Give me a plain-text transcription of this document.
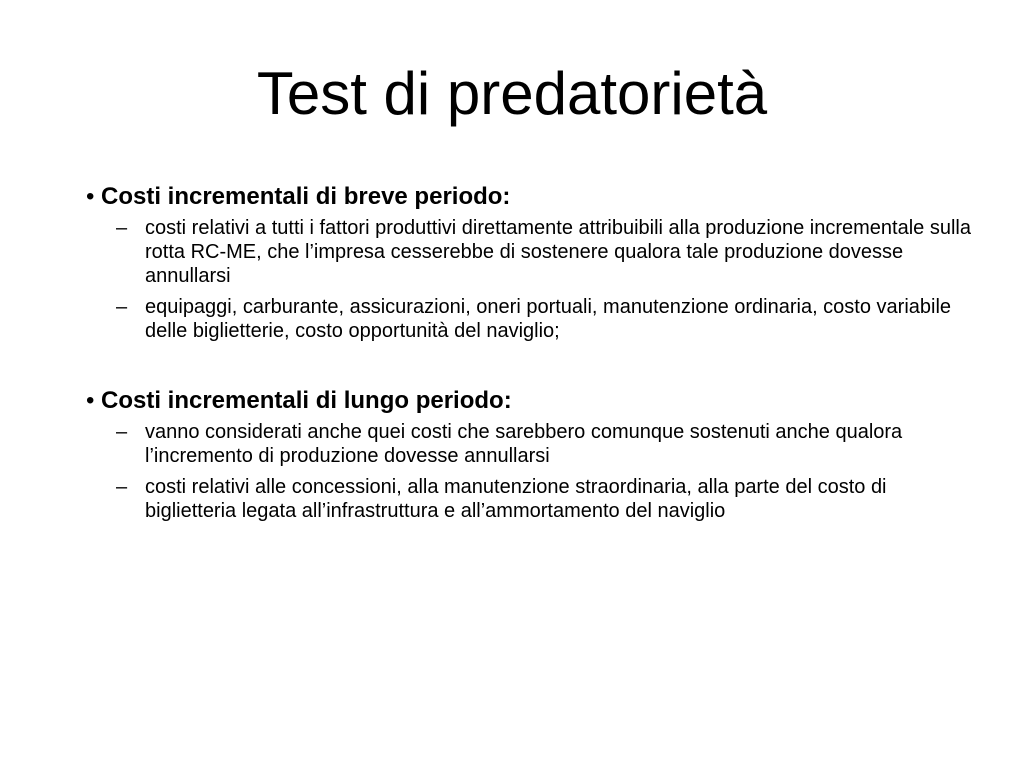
Test di predatorietà
• Costi incrementali di breve periodo:
– costi relativi a tutti i fattori produttivi direttamente attribuibili alla produzione incrementale sulla rotta RC-ME, che l’impresa cesserebbe di sostenere qualora tale produzione dovesse annullarsi
– equipaggi, carburante, assicurazioni, oneri portuali, manutenzione ordinaria, costo variabile delle biglietterie, costo opportunità del naviglio;
• Costi incrementali di lungo periodo:
– vanno considerati anche quei costi che sarebbero comunque sostenuti anche qualora l’incremento di produzione dovesse annullarsi
– costi relativi alle concessioni, alla manutenzione straordinaria, alla parte del costo di biglietteria legata all’infrastruttura e all’ammortamento del naviglio
